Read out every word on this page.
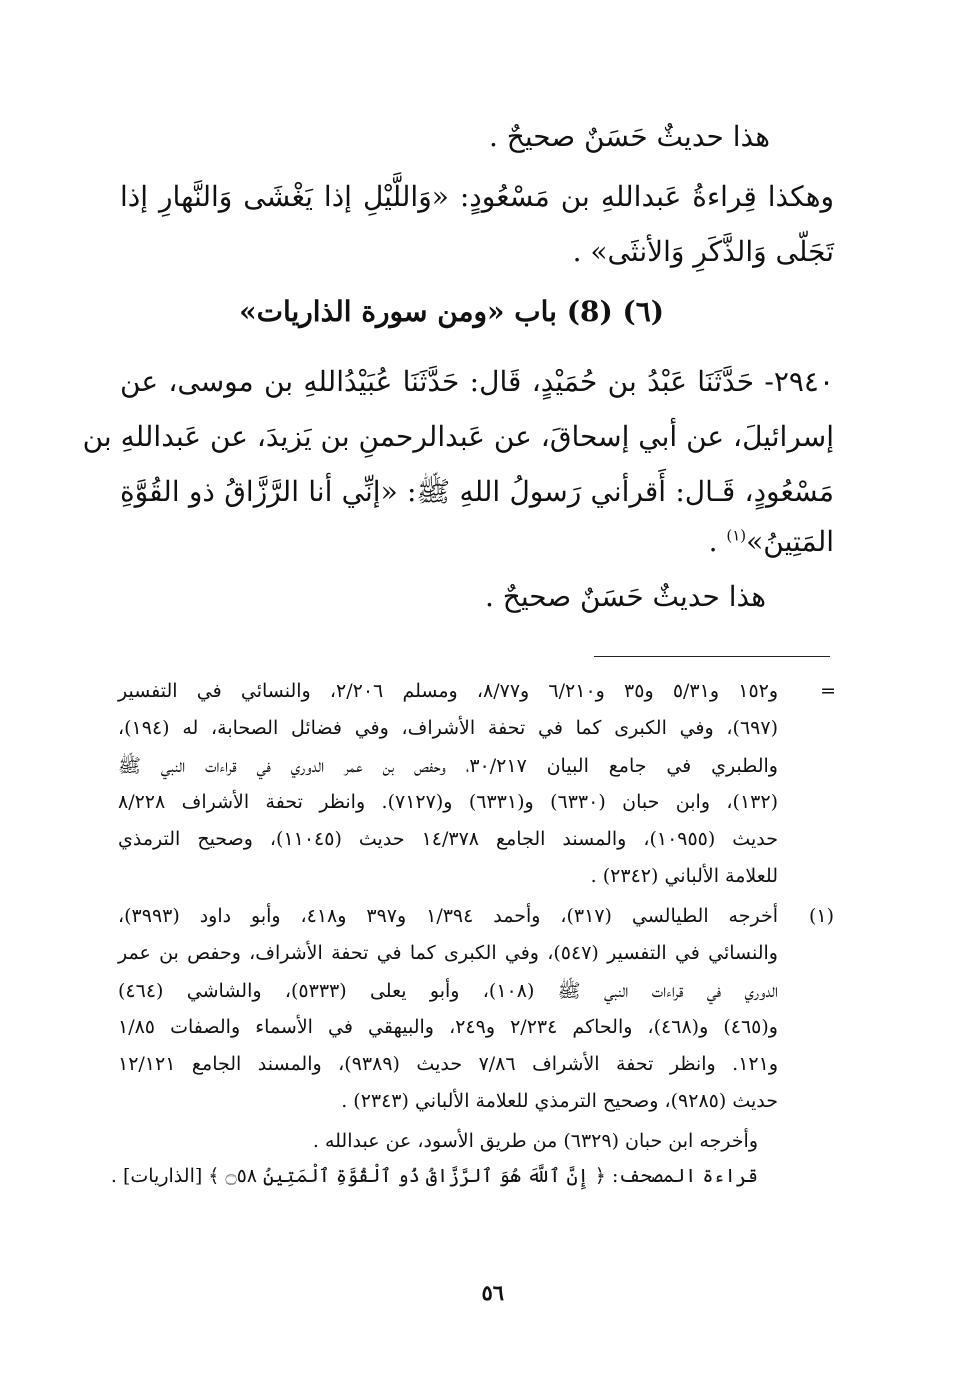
هذا حديثٌ حَسَنٌ صحيحٌ .
وهكذا قِراءةُ عَبداللهِ بن مَسْعُودٍ: «وَاللَّيْلِ إذا يَغْشَى وَالنَّهارِ إذا
تَجَلّى وَالذَّكَرِ وَالأنثَى» .
(٦) (8) باب «ومن سورة الذاريات»
٢٩٤٠- حَدَّثَنَا عَبْدُ بن حُمَيْدٍ، قَال: حَدَّثَنَا عُبَيْدُاللهِ بن موسى، عن
إسرائيلَ، عن أبي إسحاقَ، عن عَبدالرحمنِ بن يَزيدَ، عن عَبداللهِ بن
مَسْعُودٍ، قَـال: أَقرأني رَسولُ اللهِ ﷺ: «إنِّي أنا الرَّزَّاقُ ذو القُوَّةِ
المَتِينُ»$^{(١)}$ .
هذا حديثٌ حَسَنٌ صحيحٌ .
=
و١٥٢ و٥/٣١ و٣٥ و٦/٢١٠ و٨/٧٧، ومسلم ٢/٢٠٦، والنسائي في التفسير
(٦٩٧)، وفي الكبرى كما في تحفة الأشراف، وفي فضائل الصحابة، له (١٩٤)،
والطبري في جامع البيان ٣٠/٢١٧، وحفص بن عمر الدوري في قراءات النبي ﷺ
(١٣٢)، وابن حبان (٦٣٣٠) و(٦٣٣١) و(٧١٢٧). وانظر تحفة الأشراف ٨/٢٢٨
حديث (١٠٩٥٥)، والمسند الجامع ١٤/٣٧٨ حديث (١١٠٤٥)، وصحيح الترمذي
للعلامة الألباني (٢٣٤٢) .
(١)
أخرجه الطيالسي (٣١٧)، وأحمد ١/٣٩٤ و٣٩٧ و٤١٨، وأبو داود (٣٩٩٣)،
والنسائي في التفسير (٥٤٧)، وفي الكبرى كما في تحفة الأشراف، وحفص بن عمر
الدوري في قراءات النبي ﷺ (١٠٨)، وأبو يعلى (٥٣٣٣)، والشاشي (٤٦٤)
و(٤٦٥) و(٤٦٨)، والحاكم ٢/٢٣٤ و٢٤٩، والبيهقي في الأسماء والصفات ١/٨٥
و١٢١. وانظر تحفة الأشراف ٧/٨٦ حديث (٩٣٨٩)، والمسند الجامع ١٢/١٢١
حديث (٩٢٨٥)، وصحيح الترمذي للعلامة الألباني (٢٣٤٣) .
وأخرجه ابن حبان (٦٣٢٩) من طريق الأسود، عن عبدالله .
قراءة المصحف: ﴿ إِنَّ ٱللَّهَ هُوَ ٱلرَّزَّاقُ ذُو ٱلْقُوَّةِ ٱلْمَتِينُ ۝٥٨ ﴾ [الذاريات] .
٥٦
